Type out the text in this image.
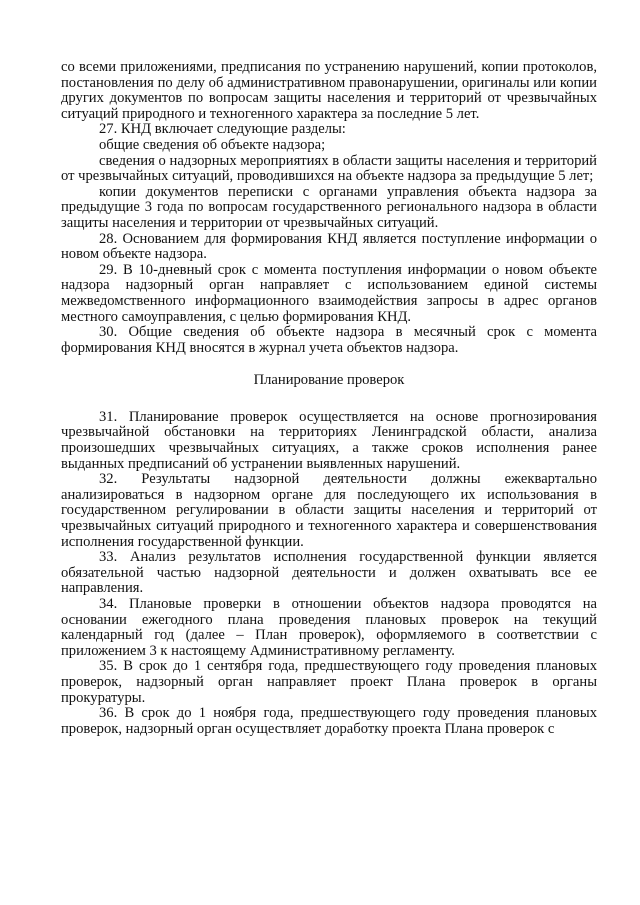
со всеми приложениями, предписания по устранению нарушений, копии протоколов, постановления по делу об административном правонарушении, оригиналы или копии других документов по вопросам защиты населения и территорий от чрезвычайных ситуаций природного и техногенного характера за последние 5 лет.

27. КНД включает следующие разделы:

общие сведения об объекте надзора;

сведения о надзорных мероприятиях в области защиты населения и территорий от чрезвычайных ситуаций, проводившихся на объекте надзора за предыдущие 5 лет;

копии документов переписки с органами управления объекта надзора за предыдущие 3 года по вопросам государственного регионального надзора в области защиты населения и территории от чрезвычайных ситуаций.

28. Основанием для формирования КНД является поступление информации о новом объекте надзора.

29. В 10-дневный срок с момента поступления информации о новом объекте надзора надзорный орган направляет с использованием единой системы межведомственного информационного взаимодействия запросы в адрес органов местного самоуправления, с целью формирования КНД.

30. Общие сведения об объекте надзора в месячный срок с момента формирования КНД вносятся в журнал учета объектов надзора.

Планирование проверок

31. Планирование проверок осуществляется на основе прогнозирования чрезвычайной обстановки на территориях Ленинградской области, анализа произошедших чрезвычайных ситуациях, а также сроков исполнения ранее выданных предписаний об устранении выявленных нарушений.

32. Результаты надзорной деятельности должны ежеквартально анализироваться в надзорном органе для последующего их использования в государственном регулировании в области защиты населения и территорий от чрезвычайных ситуаций природного и техногенного характера и совершенствования исполнения государственной функции.

33. Анализ результатов исполнения государственной функции является обязательной частью надзорной деятельности и должен охватывать все ее направления.

34. Плановые проверки в отношении объектов надзора проводятся на основании ежегодного плана проведения плановых проверок на текущий календарный год (далее – План проверок), оформляемого в соответствии с приложением 3 к настоящему Административному регламенту.

35. В срок до 1 сентября года, предшествующего году проведения плановых проверок, надзорный орган направляет проект Плана проверок в органы прокуратуры.

36. В срок до 1 ноября года, предшествующего году проведения плановых проверок, надзорный орган осуществляет доработку проекта Плана проверок с
